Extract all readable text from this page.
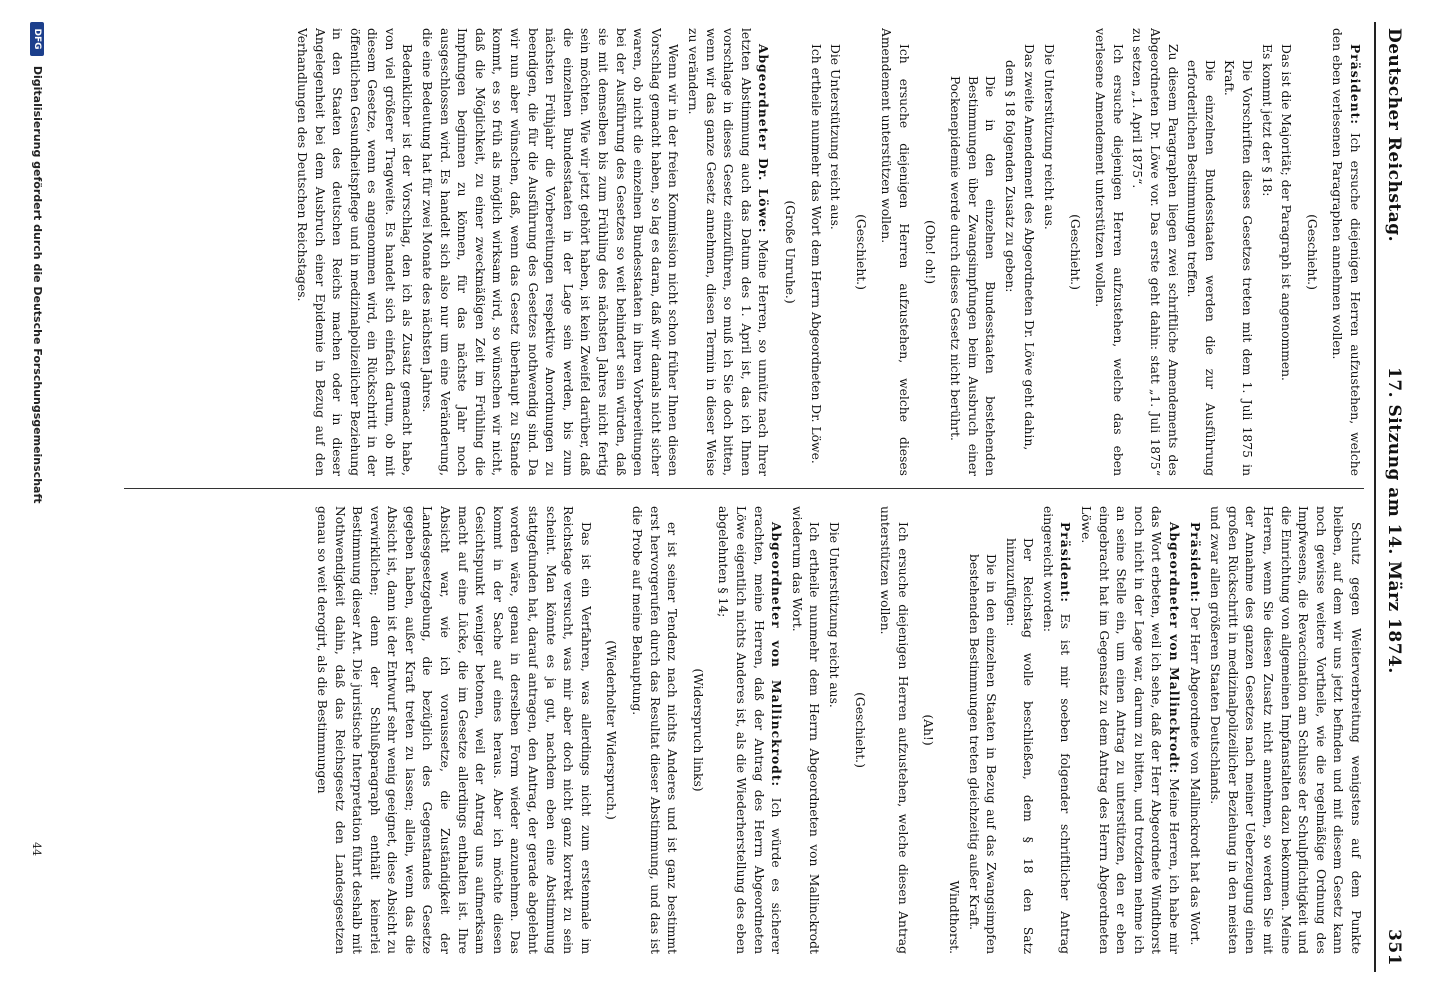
Deutscher Reichstag.
17. Sitzung am 14. März 1874.
351

Präsident: Ich ersuche diejenigen Herren aufzustehen, welche den eben verlesenen Paragraphen annehmen wollen.

(Geschieht.)

Das ist die Majorität; der Paragraph ist angenommen.

Es kommt jetzt der § 18:

Die Vorschriften dieses Gesetzes treten mit dem 1. Juli 1875 in Kraft.

Die einzelnen Bundesstaaten werden die zur Ausführung erforderlichen Bestimmungen treffen.

Zu diesem Paragraphen liegen zwei schriftliche Amendements des Abgeordneten Dr. Löwe vor. Das erste geht dahin: statt „1. Juli 1875“ zu setzen „1. April 1875“.

Ich ersuche diejenigen Herren aufzustehen, welche das eben verlesene Amendement unterstützen wollen.

(Geschieht.)

Die Unterstützung reicht aus.

Das zweite Amendement des Abgeordneten Dr. Löwe geht dahin,

dem § 18 folgenden Zusatz zu geben:

Die in den einzelnen Bundesstaaten bestehenden Bestimmungen über Zwangsimpfungen beim Ausbruch einer Pockenepidemie werde durch dieses Gesetz nicht berührt.

(Oho! oh!)

Ich ersuche diejenigen Herren aufzustehen, welche dieses Amendement unterstützen wollen.

(Geschieht.)

Die Unterstützung reicht aus.

Ich ertheile nunmehr das Wort dem Herrn Abgeordneten Dr. Löwe.

(Große Unruhe.)

Abgeordneter Dr. Löwe: Meine Herren, so unnütz nach Ihrer letzten Abstimmung auch das Datum des 1. April ist, das ich Ihnen vorschlage in dieses Gesetz einzuführen, so muß ich Sie doch bitten, wenn wir das ganze Gesetz annehmen, diesen Termin in dieser Weise zu verändern.

Wenn wir in der freien Kommission nicht schon früher Ihnen diesen Vorschlag gemacht haben, so lag es daran, daß wir damals nicht sicher waren, ob nicht die einzelnen Bundesstaaten in ihren Vorbereitungen bei der Ausführung des Gesetzes so weit behindert sein würden, daß sie mit demselben bis zum Frühling des nächsten Jahres nicht fertig sein möchten. Wie wir jetzt gehört haben, ist kein Zweifel darüber, daß die einzelnen Bundesstaaten in der Lage sein werden, bis zum nächsten Frühjahr die Vorbereitungen respektive Anordnungen zu beendigen, die für die Ausführung des Gesetzes nothwendig sind. Da wir nun aber wünschen, daß, wenn das Gesetz überhaupt zu Stande kommt, es so früh als möglich wirksam wird, so wünschen wir nicht, daß die Möglichkeit, zu einer zweckmäßigen Zeit im Frühling die Impfungen beginnen zu können, für das nächste Jahr noch ausgeschlossen wird. Es handelt sich also nur um eine Veränderung, die eine Bedeutung hat für zwei Monate des nächsten Jahres.

Bedenklicher ist der Vorschlag, den ich als Zusatz gemacht habe, von viel größerer Tragweite. Es handelt sich einfach darum, ob mit diesem Gesetze, wenn es angenommen wird, ein Rückschritt in der öffentlichen Gesundheitspflege und in medizinalpolizeilicher Beziehung in den Staaten des deutschen Reichs machen oder in dieser Angelegenheit bei dem Ausbruch einer Epidemie in Bezug auf den Verhandlungen des Deutschen Reichstages.

Schutz gegen Weiterverbreitung wenigstens auf dem Punkte bleiben, auf dem wir uns jetzt befinden und mit diesem Gesetz kann noch gewisse weitere Vortheile, wie die regelmäßige Ordnung des Impfwesens, die Revaccination am Schlusse der Schulpflichtigkeit und die Einrichtung von allgemeinen Impfanstalten dazu bekommen. Meine Herren, wenn Sie diesen Zusatz nicht annehmen, so werden Sie mit der Annahme des ganzen Gesetzes nach meiner Ueberzeugung einen großen Rückschritt in medizinalpolizeilicher Beziehung in den meisten und zwar allen größeren Staaten Deutschlands.

Präsident: Der Herr Abgeordnete von Mallinckrodt hat das Wort.

Abgeordneter von Mallinckrodt: Meine Herren, ich habe mir das Wort erbeten, weil ich sehe, daß der Herr Abgeordnete Windthorst noch nicht in der Lage war, darum zu bitten, und trotzdem nehme ich an seine Stelle ein, um einen Antrag zu unterstützen, den er eben eingebracht hat im Gegensatz zu dem Antrag des Herrn Abgeordneten Löwe.

Präsident: Es ist mir soeben folgender schriftlicher Antrag eingereicht worden:

Der Reichstag wolle beschließen, dem § 18 den Satz hinzuzufügen:

Die in den einzelnen Staaten in Bezug auf das Zwangsimpfen bestehenden Bestimmungen treten gleichzeitig außer Kraft.

Windthorst.

(Ah!)

Ich ersuche diejenigen Herren aufzustehen, welche diesen Antrag unterstützen wollen.

(Geschieht.)

Die Unterstützung reicht aus.

Ich ertheile nunmehr dem Herrn Abgeordneten von Mallinckrodt wiederum das Wort.

Abgeordneter von Mallinckrodt: Ich würde es sicherer erachten, meine Herren, daß der Antrag des Herrn Abgeordneten Löwe eigentlich nichts Anderes ist, als die Wiederherstellung des eben abgelehnten § 14;

(Widerspruch links)

er ist seiner Tendenz nach nichts Anderes und ist ganz bestimmt erst hervorgerufen durch das Resultat dieser Abstimmung, und das ist die Probe auf meine Behauptung.

(Wiederholter Widerspruch.)

Das ist ein Verfahren, was allerdings nicht zum erstenmale im Reichstage versucht, was mir aber doch nicht ganz korrekt zu sein scheint. Man könnte es ja gut, nachdem eben eine Abstimmung stattgefunden hat, darauf antragen, den Antrag, der gerade abgelehnt worden wäre, genau in derselben Form wieder anzunehmen. Das kommt in der Sache auf eines heraus. Aber ich möchte diesen Gesichtspunkt weniger betonen, weil der Antrag uns aufmerksam macht auf eine Lücke, die im Gesetze allerdings enthalten ist. Ihre Absicht war, wie ich voraussetze, die Zuständigkeit der Landesgesetzgebung, die bezüglich des Gegenstandes Gesetze gegeben haben, außer Kraft treten zu lassen; allein, wenn das die Absicht ist, dann ist der Entwurf sehr wenig geeignet, diese Absicht zu verwirklichen; denn der Schlußparagraph enthält keinerlei Bestimmung dieser Art. Die juristische Interpretation führt deshalb mit Nothwendigkeit dahin, daß das Reichsgesetz den Landesgesetzen genau so weit derogirt, als die Bestimmungen

DFG Digitalisierung gefördert durch die Deutsche Forschungsgemeinschaft
44
